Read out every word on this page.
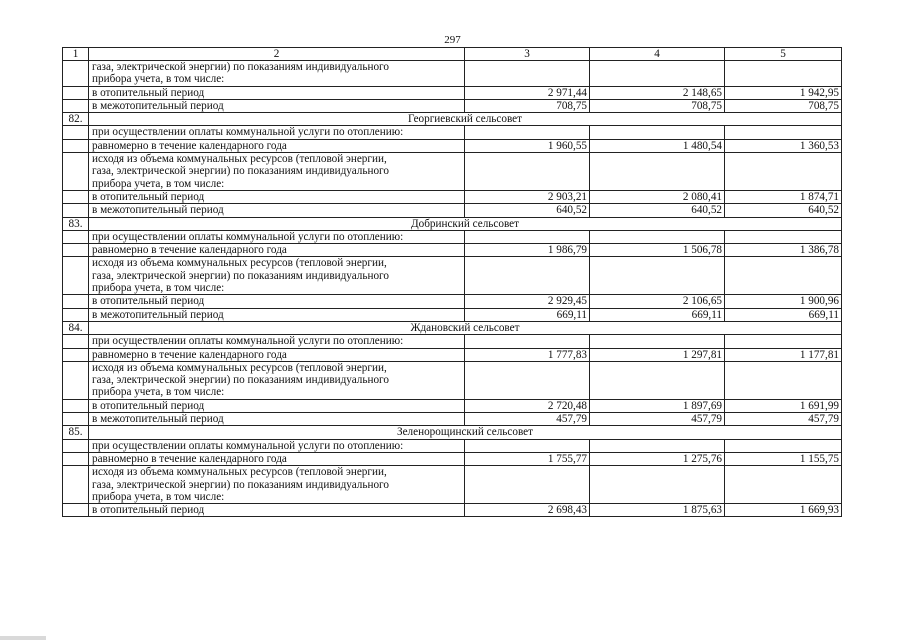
297
1	2	3	4	5
	газа, электрической энергии) по показаниям индивидуального
прибора учета, в том числе:			
	в отопительный период	2 971,44	2 148,65	1 942,95
	в межотопительный период	708,75	708,75	708,75
82.	Георгиевский сельсовет			
	при осуществлении оплаты коммунальной услуги по отоплению:			
	равномерно в течение календарного года	1 960,55	1 480,54	1 360,53
	исходя из объема коммунальных ресурсов (тепловой энергии,
газа, электрической энергии) по показаниям индивидуального
прибора учета, в том числе:			
	в отопительный период	2 903,21	2 080,41	1 874,71
	в межотопительный период	640,52	640,52	640,52
83.	Добринский сельсовет			
	при осуществлении оплаты коммунальной услуги по отоплению:			
	равномерно в течение календарного года	1 986,79	1 506,78	1 386,78
	исходя из объема коммунальных ресурсов (тепловой энергии,
газа, электрической энергии) по показаниям индивидуального
прибора учета, в том числе:			
	в отопительный период	2 929,45	2 106,65	1 900,96
	в межотопительный период	669,11	669,11	669,11
84.	Ждановский сельсовет			
	при осуществлении оплаты коммунальной услуги по отоплению:			
	равномерно в течение календарного года	1 777,83	1 297,81	1 177,81
	исходя из объема коммунальных ресурсов (тепловой энергии,
газа, электрической энергии) по показаниям индивидуального
прибора учета, в том числе:			
	в отопительный период	2 720,48	1 897,69	1 691,99
	в межотопительный период	457,79	457,79	457,79
85.	Зеленорощинский сельсовет			
	при осуществлении оплаты коммунальной услуги по отоплению:			
	равномерно в течение календарного года	1 755,77	1 275,76	1 155,75
	исходя из объема коммунальных ресурсов (тепловой энергии,
газа, электрической энергии) по показаниям индивидуального
прибора учета, в том числе:			
	в отопительный период	2 698,43	1 875,63	1 669,93
